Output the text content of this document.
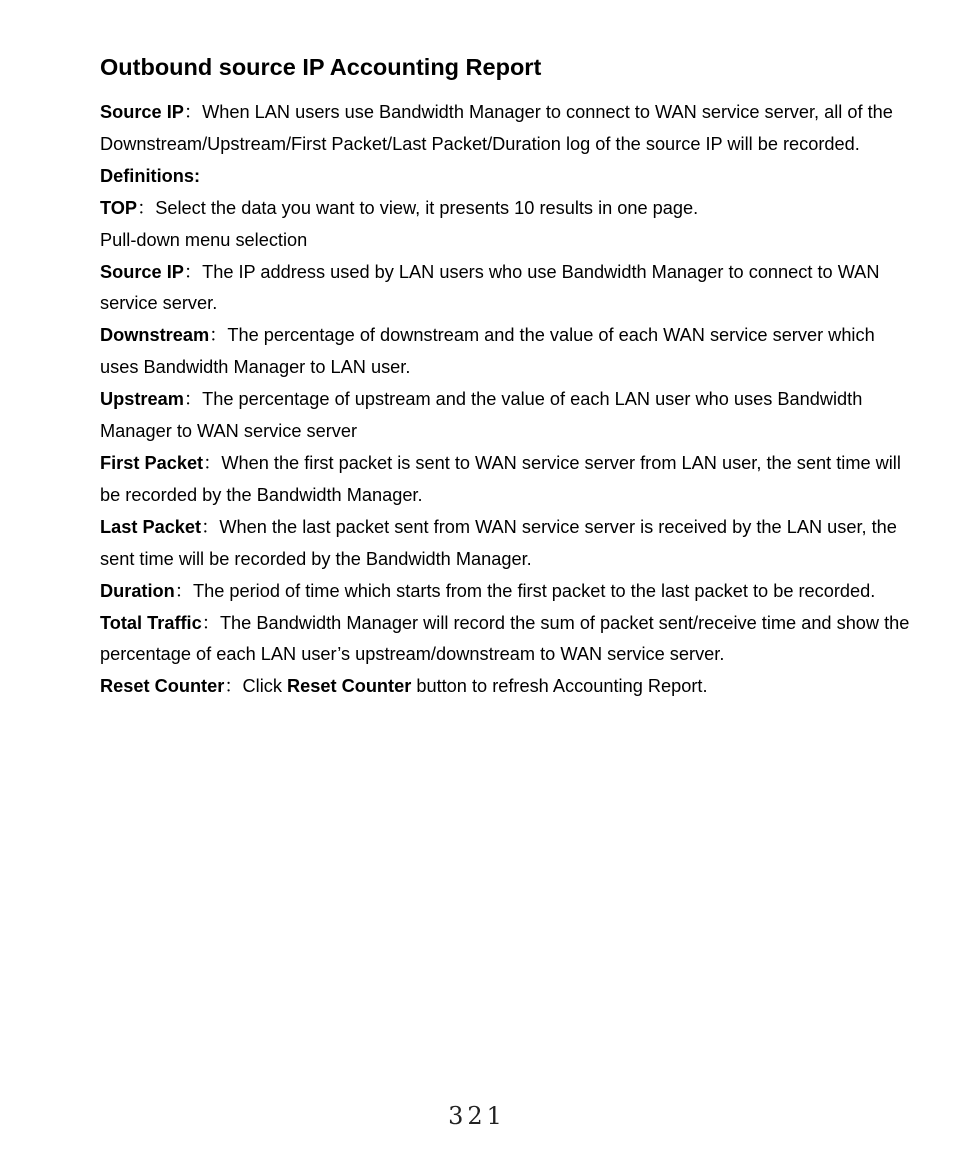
Outbound source IP Accounting Report

Source IP：When LAN users use Bandwidth Manager to connect to WAN service server, all of the Downstream/Upstream/First Packet/Last Packet/Duration log of the source IP will be recorded.

Definitions:

TOP：Select the data you want to view, it presents 10 results in one page.

Pull-down menu selection

Source IP：The IP address used by LAN users who use Bandwidth Manager to connect to WAN service server.

Downstream：The percentage of downstream and the value of each WAN service server which uses Bandwidth Manager to LAN user.

Upstream：The percentage of upstream and the value of each LAN user who uses Bandwidth Manager to WAN service server

First Packet：When the first packet is sent to WAN service server from LAN user, the sent time will be recorded by the Bandwidth Manager.

Last Packet：When the last packet sent from WAN service server is received by the LAN user, the sent time will be recorded by the Bandwidth Manager.

Duration：The period of time which starts from the first packet to the last packet to be recorded.

Total Traffic：The Bandwidth Manager will record the sum of packet sent/receive time and show the percentage of each LAN user’s upstream/downstream to WAN service server.

Reset Counter：Click Reset Counter button to refresh Accounting Report.

321
